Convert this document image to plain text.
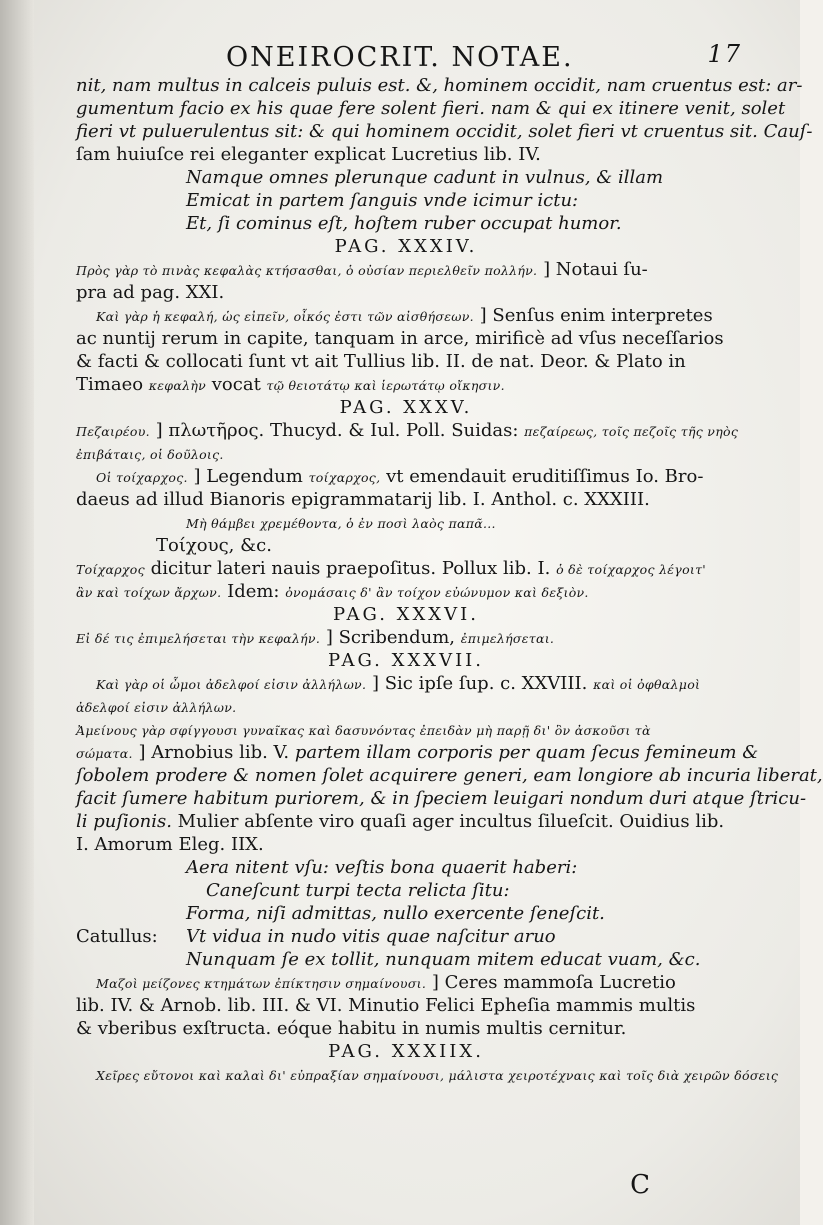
ONEIROCRIT. NOTAE.	17
nit, nam multus in calceis puluis est. &, hominem occidit, nam cruentus est: ar-
gumentum facio ex his quae fere solent fieri. nam & qui ex itinere venit, solet
fieri vt puluerulentus sit: & qui hominem occidit, solet fieri vt cruentus sit. Cauſ-
ſam huiuſce rei eleganter explicat Lucretius lib. IV.
Namque omnes plerunque cadunt in vulnus, & illam
Emicat in partem ſanguis vnde icimur ictu:
Et, ſi cominus eſt, hoſtem ruber occupat humor.
PAG. XXXIV.
Πρὸς γὰρ τὸ πινὰς κεφαλὰς κτήσασθαι, ὁ οὐσίαν περιελθεῖν πολλήν. ] Notaui ſu-
pra ad pag. XXI.
Καὶ γὰρ ἡ κεφαλή, ὡς εἰπεῖν, οἶκός ἐστι τῶν αἰσθήσεων. ] Senſus enim interpretes
ac nuntij rerum in capite, tanquam in arce, mirificè ad vſus neceſſarios
& facti & collocati ſunt vt ait Tullius lib. II. de nat. Deor. & Plato in
Timaeo κεφαλὴν vocat τῷ θειοτάτῳ καὶ ἱερωτάτῳ οἴκησιν.
PAG. XXXV.
Πεζαιρέου. ] πλωτῆρος. Thucyd. & Iul. Poll. Suidas: πεζαίρεως, τοῖς πεζοῖς τῆς νηὸς
ἐπιβάταις, οἱ δοῦλοις.
Οἱ τοίχαρχος. ] Legendum τοίχαρχος, vt emendauit eruditiſſimus Io. Bro-
daeus ad illud Bianoris epigrammatarij lib. I. Anthol. c. XXXIII.
Μὴ θάμβει χρεμέθοντα, ὁ ἐν ποσὶ λαὸς παπᾶ...
Τοίχους, &c.
Τοίχαρχος dicitur lateri nauis praepoſitus. Pollux lib. I. ὁ δὲ τοίχαρχος λέγοιτ'
ἂν καὶ τοίχων ἄρχων. Idem: ὀνομάσαις δ' ἂν τοίχον εὐώνυμον καὶ δεξιὸν.
PAG. XXXVI.
Εἰ δέ τις ἐπιμελήσεται τὴν κεφαλήν. ] Scribendum, ἐπιμελήσεται.
PAG. XXXVII.
Καὶ γὰρ οἱ ὦμοι ἀδελφοί εἰσιν ἀλλήλων. ] Sic ipſe ſup. c. XXVIII. καὶ οἱ ὀφθαλμοὶ
ἀδελφοί εἰσιν ἀλλήλων.
Ἀμείνους γὰρ σφίγγουσι γυναῖκας καὶ δασυνόντας ἐπειδὰν μὴ παρῇ δι' ὃν ἀσκοῦσι τὰ
σώματα. ] Arnobius lib. V. partem illam corporis per quam ſecus femineum &
ſobolem prodere & nomen ſolet acquirere generi, eam longiore ab incuria liberat,
facit ſumere habitum puriorem, & in ſpeciem leuigari nondum duri atque ſtricu-
li puſionis. Mulier abſente viro quaſi ager incultus ſilueſcit. Ouidius lib.
I. Amorum Eleg. IIX.
Aera nitent vſu: veſtis bona quaerit haberi:
Caneſcunt turpi tecta relicta ſitu:
Forma, niſi admittas, nullo exercente ſeneſcit.
Catullus: Vt vidua in nudo vitis quae naſcitur aruo
Nunquam ſe ex tollit, nunquam mitem educat vuam, &c.
Μαζοὶ μείζονες κτημάτων ἐπίκτησιν σημαίνουσι. ] Ceres mammoſa Lucretio
lib. IV. & Arnob. lib. III. & VI. Minutio Felici Epheſia mammis multis
& vberibus exſtructa. eóque habitu in numis multis cernitur.
PAG. XXXIIX.
Χεῖρες εὔτονοι καὶ καλαὶ δι' εὐπραξίαν σημαίνουσι, μάλιστα χειροτέχναις καὶ τοῖς διὰ χειρῶν δόσεις
C
